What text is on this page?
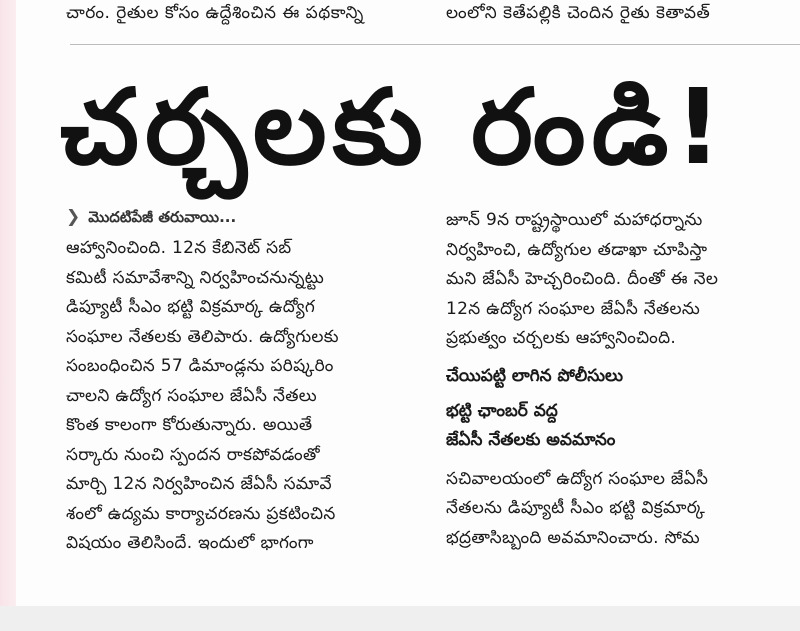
చారం. రైతుల కోసం ఉద్దేశించిన ఈ పథకాన్ని	లంలోని కెతేపల్లికి చెందిన రైతు కెతావత్
చర్చలకు రండి!
❯ మొదటిపేజీ తరువాయి...
ఆహ్వానించింది. 12న కేబినెట్ సబ్
కమిటీ సమావేశాన్ని నిర్వహించనున్నట్టు
డిప్యూటీ సీఎం భట్టి విక్రమార్క ఉద్యోగ
సంఘాల నేతలకు తెలిపారు. ఉద్యోగులకు
సంబంధించిన 57 డిమాండ్లను పరిష్కరిం
చాలని ఉద్యోగ సంఘాల జేఏసీ నేతలు
కొంత కాలంగా కోరుతున్నారు. అయితే
సర్కారు నుంచి స్పందన రాకపోవడంతో
మార్చి 12న నిర్వహించిన జేఏసీ సమావే
శంలో ఉద్యమ కార్యాచరణను ప్రకటించిన
విషయం తెలిసిందే. ఇందులో భాగంగా
జూన్ 9న రాష్ట్రస్థాయిలో మహాధర్నాను
నిర్వహించి, ఉద్యోగుల తడాఖా చూపిస్తా
మని జేఏసీ హెచ్చరించింది. దీంతో ఈ నెల
12న ఉద్యోగ సంఘాల జేఏసీ నేతలను
ప్రభుత్వం చర్చలకు ఆహ్వానించింది.
చేయిపట్టి లాగిన పోలీసులు
భట్టి ఛాంబర్ వద్ద
జేఏసీ నేతలకు అవమానం
సచివాలయంలో ఉద్యోగ సంఘాల జేఏసీ
నేతలను డిప్యూటీ సీఎం భట్టి విక్రమార్క
భద్రతాసిబ్బంది అవమానించారు. సోమ
